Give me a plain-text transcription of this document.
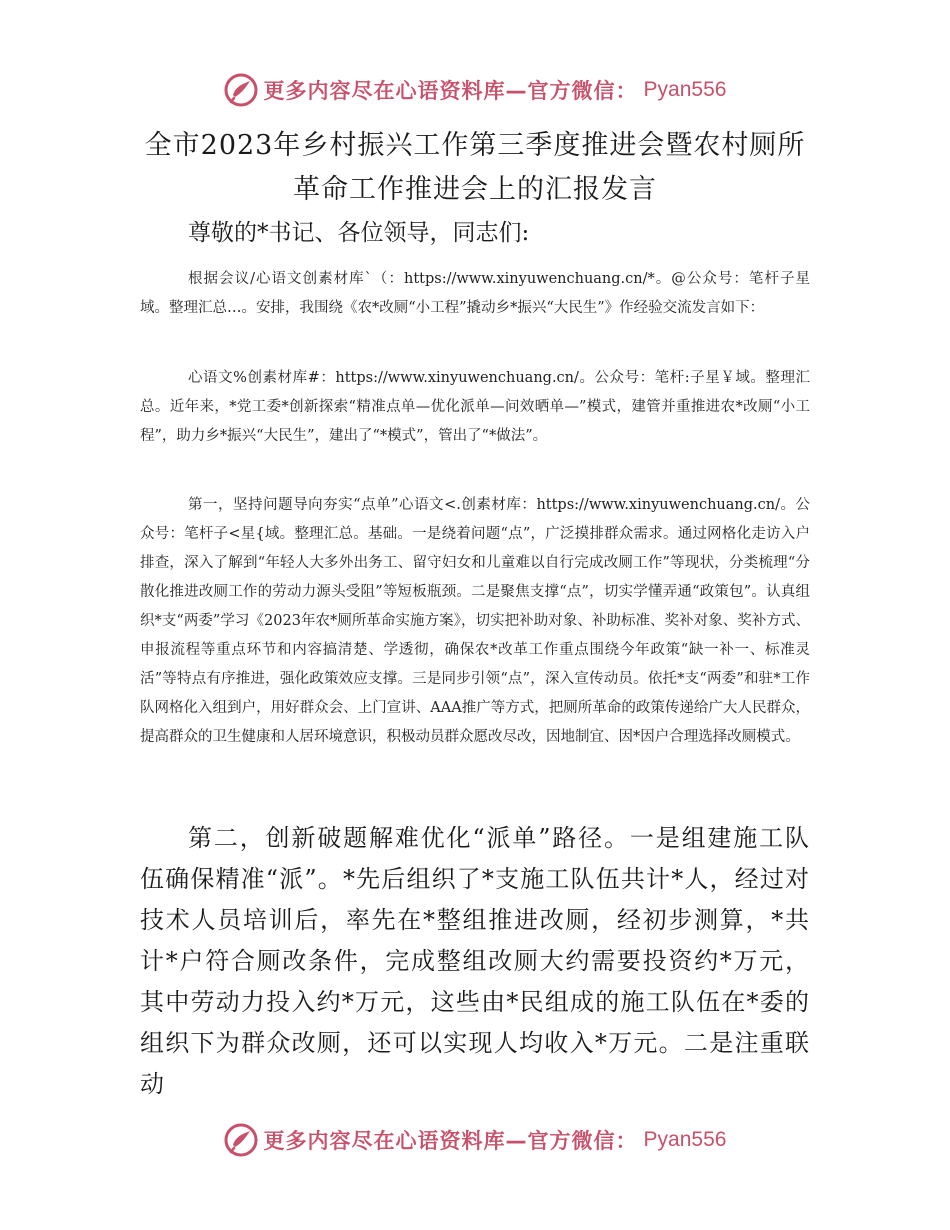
更多内容尽在心语资料库—官方微信： Pyan556
全市2023年乡村振兴工作第三季度推进会暨农村厕所革命工作推进会上的汇报发言
尊敬的*书记、各位领导，同志们:

根据会议/心语文创素材库`（：https://www.xinyuwenchuang.cn/*。@公众号：笔杆子星域。整理汇总…。安排，我围绕《农*改厕“小工程”撬动乡*振兴“大民生”》作经验交流发言如下：

心语文%创素材库#：https://www.xinyuwenchuang.cn/。公众号：笔杆:子星￥域。整理汇总。近年来，*党工委*创新探索“精准点单—优化派单—问效晒单—”模式，建管并重推进农*改厕“小工程”，助力乡*振兴“大民生”，建出了“*模式”，管出了“*做法”。

第一，坚持问题导向夯实“点单”心语文<.创素材库：https://www.xinyuwenchuang.cn/。公众号：笔杆子<星{域。整理汇总。基础。一是绕着问题“点”，广泛摸排群众需求。通过网格化走访入户排查，深入了解到“年轻人大多外出务工、留守妇女和儿童难以自行完成改厕工作”等现状，分类梳理“分散化推进改厕工作的劳动力源头受阻”等短板瓶颈。二是聚焦支撑“点”，切实学懂弄通“政策包”。认真组织*支“两委”学习《2023年农*厕所革命实施方案》，切实把补助对象、补助标准、奖补对象、奖补方式、申报流程等重点环节和内容搞清楚、学透彻，确保农*改革工作重点围绕今年政策“缺一补一、标准灵活”等特点有序推进，强化政策效应支撑。三是同步引领“点”，深入宣传动员。依托*支“两委”和驻*工作队网格化入组到户，用好群众会、上门宣讲、AAA推广等方式，把厕所革命的政策传递给广大人民群众，提高群众的卫生健康和人居环境意识，积极动员群众愿改尽改，因地制宜、因*因户合理选择改厕模式。

第二，创新破题解难优化“派单”路径。一是组建施工队伍确保精准“派”。*先后组织了*支施工队伍共计*人，经过对技术人员培训后，率先在*整组推进改厕，经初步测算，*共计*户符合厕改条件，完成整组改厕大约需要投资约*万元，其中劳动力投入约*万元，这些由*民组成的施工队伍在*委的组织下为群众改厕，还可以实现人均收入*万元。二是注重联动

更多内容尽在心语资料库—官方微信： Pyan556
